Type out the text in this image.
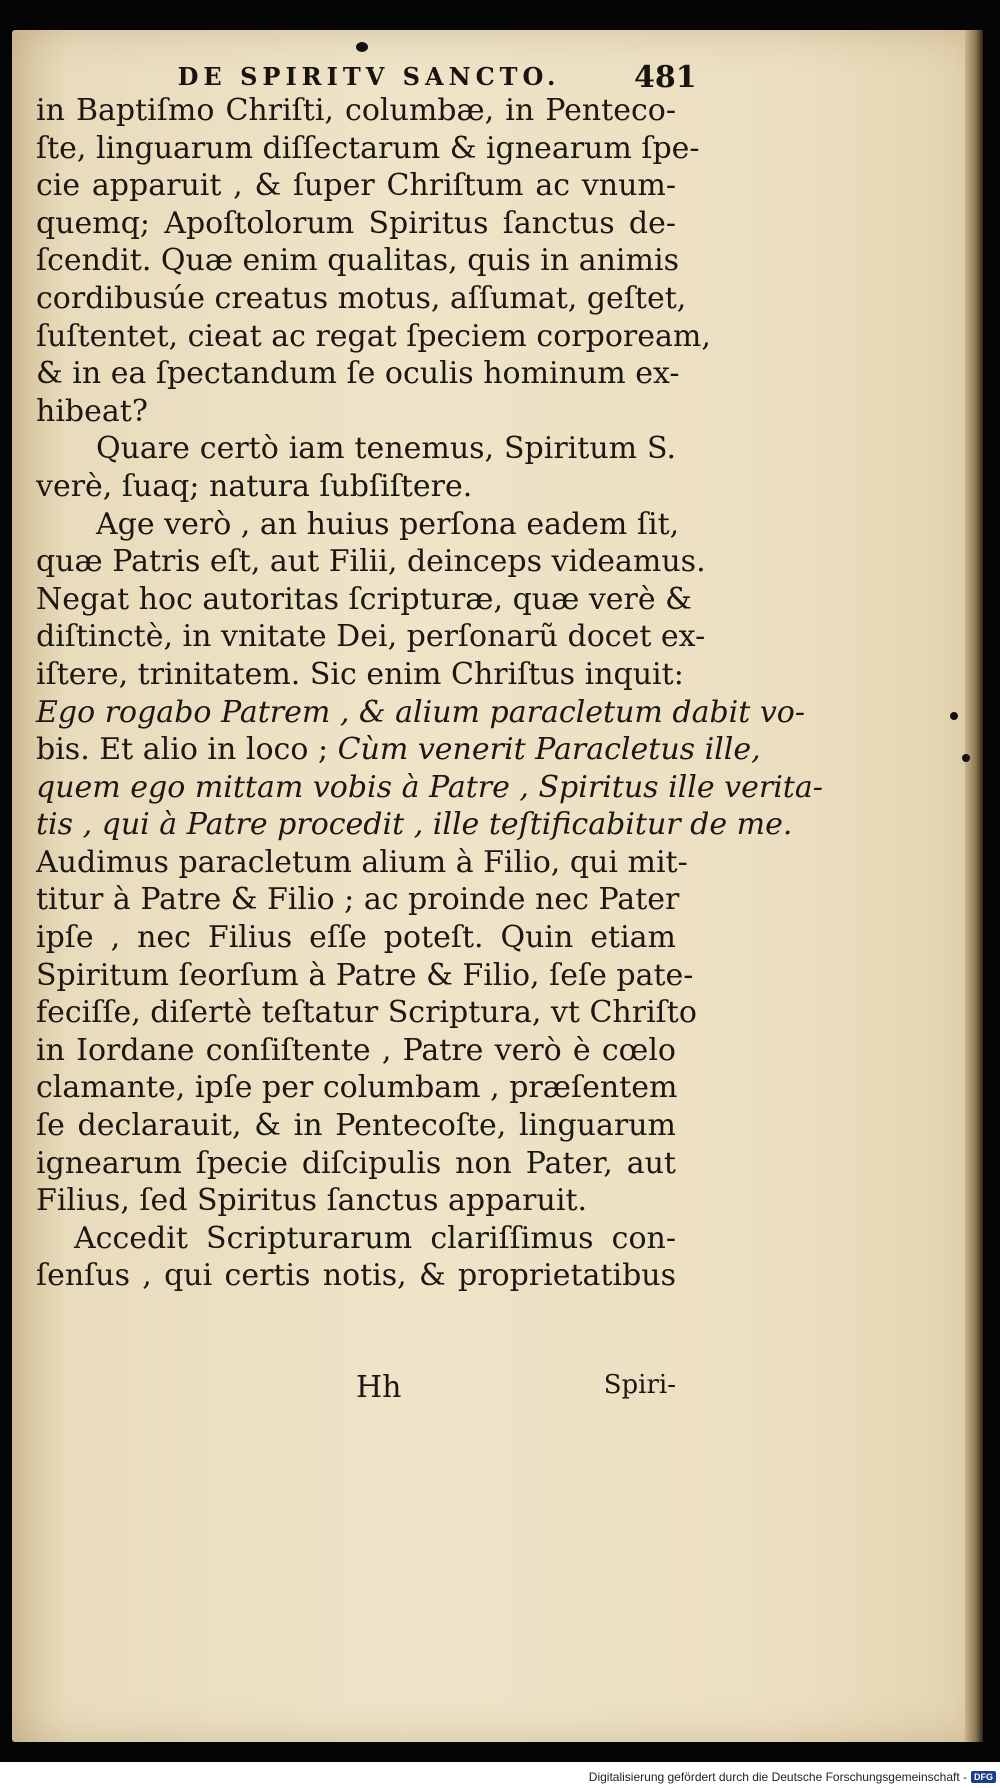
DE SPIRITV SANCTO.	481
in Baptiſmo Chriſti, columbæ, in Penteco-
ſte, linguarum diſſectarum & ignearum ſpe-
cie apparuit , & ſuper Chriſtum ac vnum-
quemq; Apoſtolorum Spiritus ſanctus de-
ſcendit. Quæ enim qualitas, quis in animis
cordibusúe creatus motus, aſſumat, geſtet,
ſuſtentet, cieat ac regat ſpeciem corpoream,
& in ea ſpectandum ſe oculis hominum ex-
hibeat?
Quare certò iam tenemus, Spiritum S.
verè, ſuaq; natura ſubſiſtere.
Age verò , an huius perſona eadem ſit,
quæ Patris eſt, aut Filii, deinceps videamus.
Negat hoc autoritas ſcripturæ, quæ verè &
diſtinctè, in vnitate Dei, perſonarũ docet ex-
iſtere, trinitatem. Sic enim Chriſtus inquit:
Ego rogabo Patrem , & alium paracletum dabit vo-
bis. Et alio in loco ; Cùm venerit Paracletus ille,
quem ego mittam vobis à Patre , Spiritus ille verita-
tis , qui à Patre procedit , ille teſtificabitur de me.
Audimus paracletum alium à Filio, qui mit-
titur à Patre & Filio ; ac proinde nec Pater
ipſe , nec Filius eſſe poteſt. Quin etiam
Spiritum ſeorſum à Patre & Filio, ſeſe pate-
feciſſe, diſertè teſtatur Scriptura, vt Chriſto
in Iordane conſiſtente , Patre verò è cœlo
clamante, ipſe per columbam , præſentem
ſe declarauit, & in Pentecoſte, linguarum
ignearum ſpecie diſcipulis non Pater, aut
Filius, ſed Spiritus ſanctus apparuit.
Accedit Scripturarum clariſſimus con-
ſenſus , qui certis notis, & proprietatibus
Hh	Spiri-
Digitalisierung gefördert durch die Deutsche Forschungsgemeinschaft - DFG
